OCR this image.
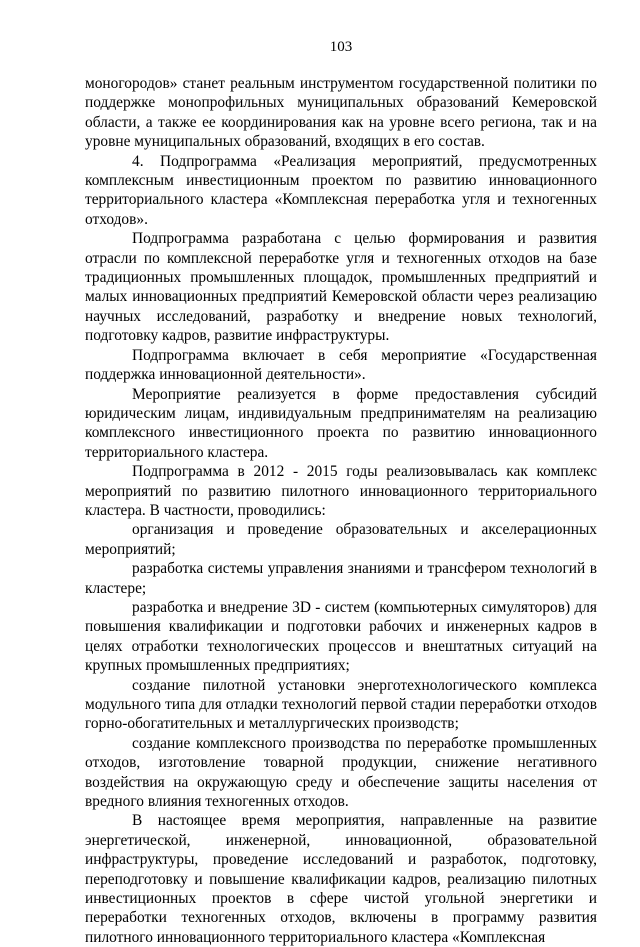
103

моногородов» станет реальным инструментом государственной политики по поддержке монопрофильных муниципальных образований Кемеровской области, а также ее координирования как на уровне всего региона, так и на уровне муниципальных образований, входящих в его состав.

4. Подпрограмма «Реализация мероприятий, предусмотренных комплексным инвестиционным проектом по развитию инновационного территориального кластера «Комплексная переработка угля и техногенных отходов».

Подпрограмма разработана с целью формирования и развития отрасли по комплексной переработке угля и техногенных отходов на базе традиционных промышленных площадок, промышленных предприятий и малых инновационных предприятий Кемеровской области через реализацию научных исследований, разработку и внедрение новых технологий, подготовку кадров, развитие инфраструктуры.

Подпрограмма включает в себя мероприятие «Государственная поддержка инновационной деятельности».

Мероприятие реализуется в форме предоставления субсидий юридическим лицам, индивидуальным предпринимателям на реализацию комплексного инвестиционного проекта по развитию инновационного территориального кластера.

Подпрограмма в 2012 - 2015 годы реализовывалась как комплекс мероприятий по развитию пилотного инновационного территориального кластера. В частности, проводились:

организация и проведение образовательных и акселерационных мероприятий;

разработка системы управления знаниями и трансфером технологий в кластере;

разработка и внедрение 3D - систем (компьютерных симуляторов) для повышения квалификации и подготовки рабочих и инженерных кадров в целях отработки технологических процессов и внештатных ситуаций на крупных промышленных предприятиях;

создание пилотной установки энерготехнологического комплекса модульного типа для отладки технологий первой стадии переработки отходов горно-обогатительных и металлургических производств;

создание комплексного производства по переработке промышленных отходов, изготовление товарной продукции, снижение негативного воздействия на окружающую среду и обеспечение защиты населения от вредного влияния техногенных отходов.

В настоящее время мероприятия, направленные на развитие энергетической, инженерной, инновационной, образовательной инфраструктуры, проведение исследований и разработок, подготовку, переподготовку и повышение квалификации кадров, реализацию пилотных инвестиционных проектов в сфере чистой угольной энергетики и переработки техногенных отходов, включены в программу развития пилотного инновационного территориального кластера «Комплексная
